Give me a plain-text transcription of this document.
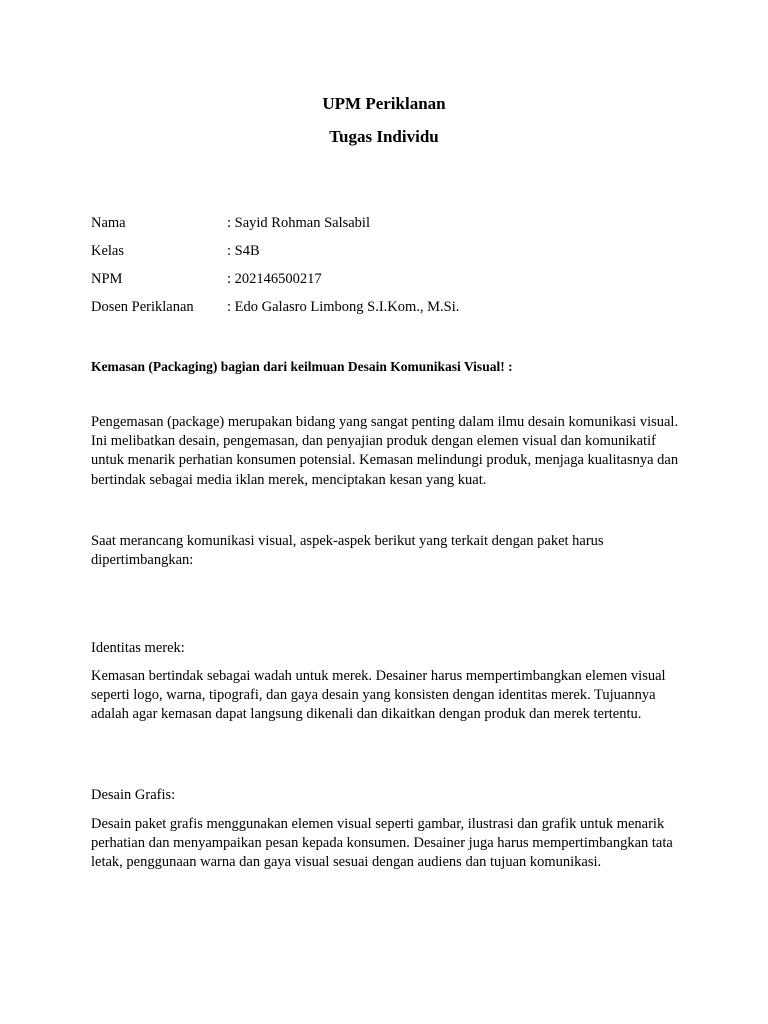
UPM Periklanan
Tugas Individu
Nama	: Sayid Rohman Salsabil
Kelas	: S4B
NPM	: 202146500217
Dosen Periklanan : Edo Galasro Limbong S.I.Kom., M.Si.
Kemasan (Packaging) bagian dari keilmuan Desain Komunikasi Visual! :

Pengemasan (package) merupakan bidang yang sangat penting dalam ilmu desain komunikasi visual. Ini melibatkan desain, pengemasan, dan penyajian produk dengan elemen visual dan komunikatif untuk menarik perhatian konsumen potensial. Kemasan melindungi produk, menjaga kualitasnya dan bertindak sebagai media iklan merek, menciptakan kesan yang kuat.

Saat merancang komunikasi visual, aspek-aspek berikut yang terkait dengan paket harus dipertimbangkan:

Identitas merek:

Kemasan bertindak sebagai wadah untuk merek. Desainer harus mempertimbangkan elemen visual seperti logo, warna, tipografi, dan gaya desain yang konsisten dengan identitas merek. Tujuannya adalah agar kemasan dapat langsung dikenali dan dikaitkan dengan produk dan merek tertentu.

Desain Grafis:

Desain paket grafis menggunakan elemen visual seperti gambar, ilustrasi dan grafik untuk menarik perhatian dan menyampaikan pesan kepada konsumen. Desainer juga harus mempertimbangkan tata letak, penggunaan warna dan gaya visual sesuai dengan audiens dan tujuan komunikasi.
